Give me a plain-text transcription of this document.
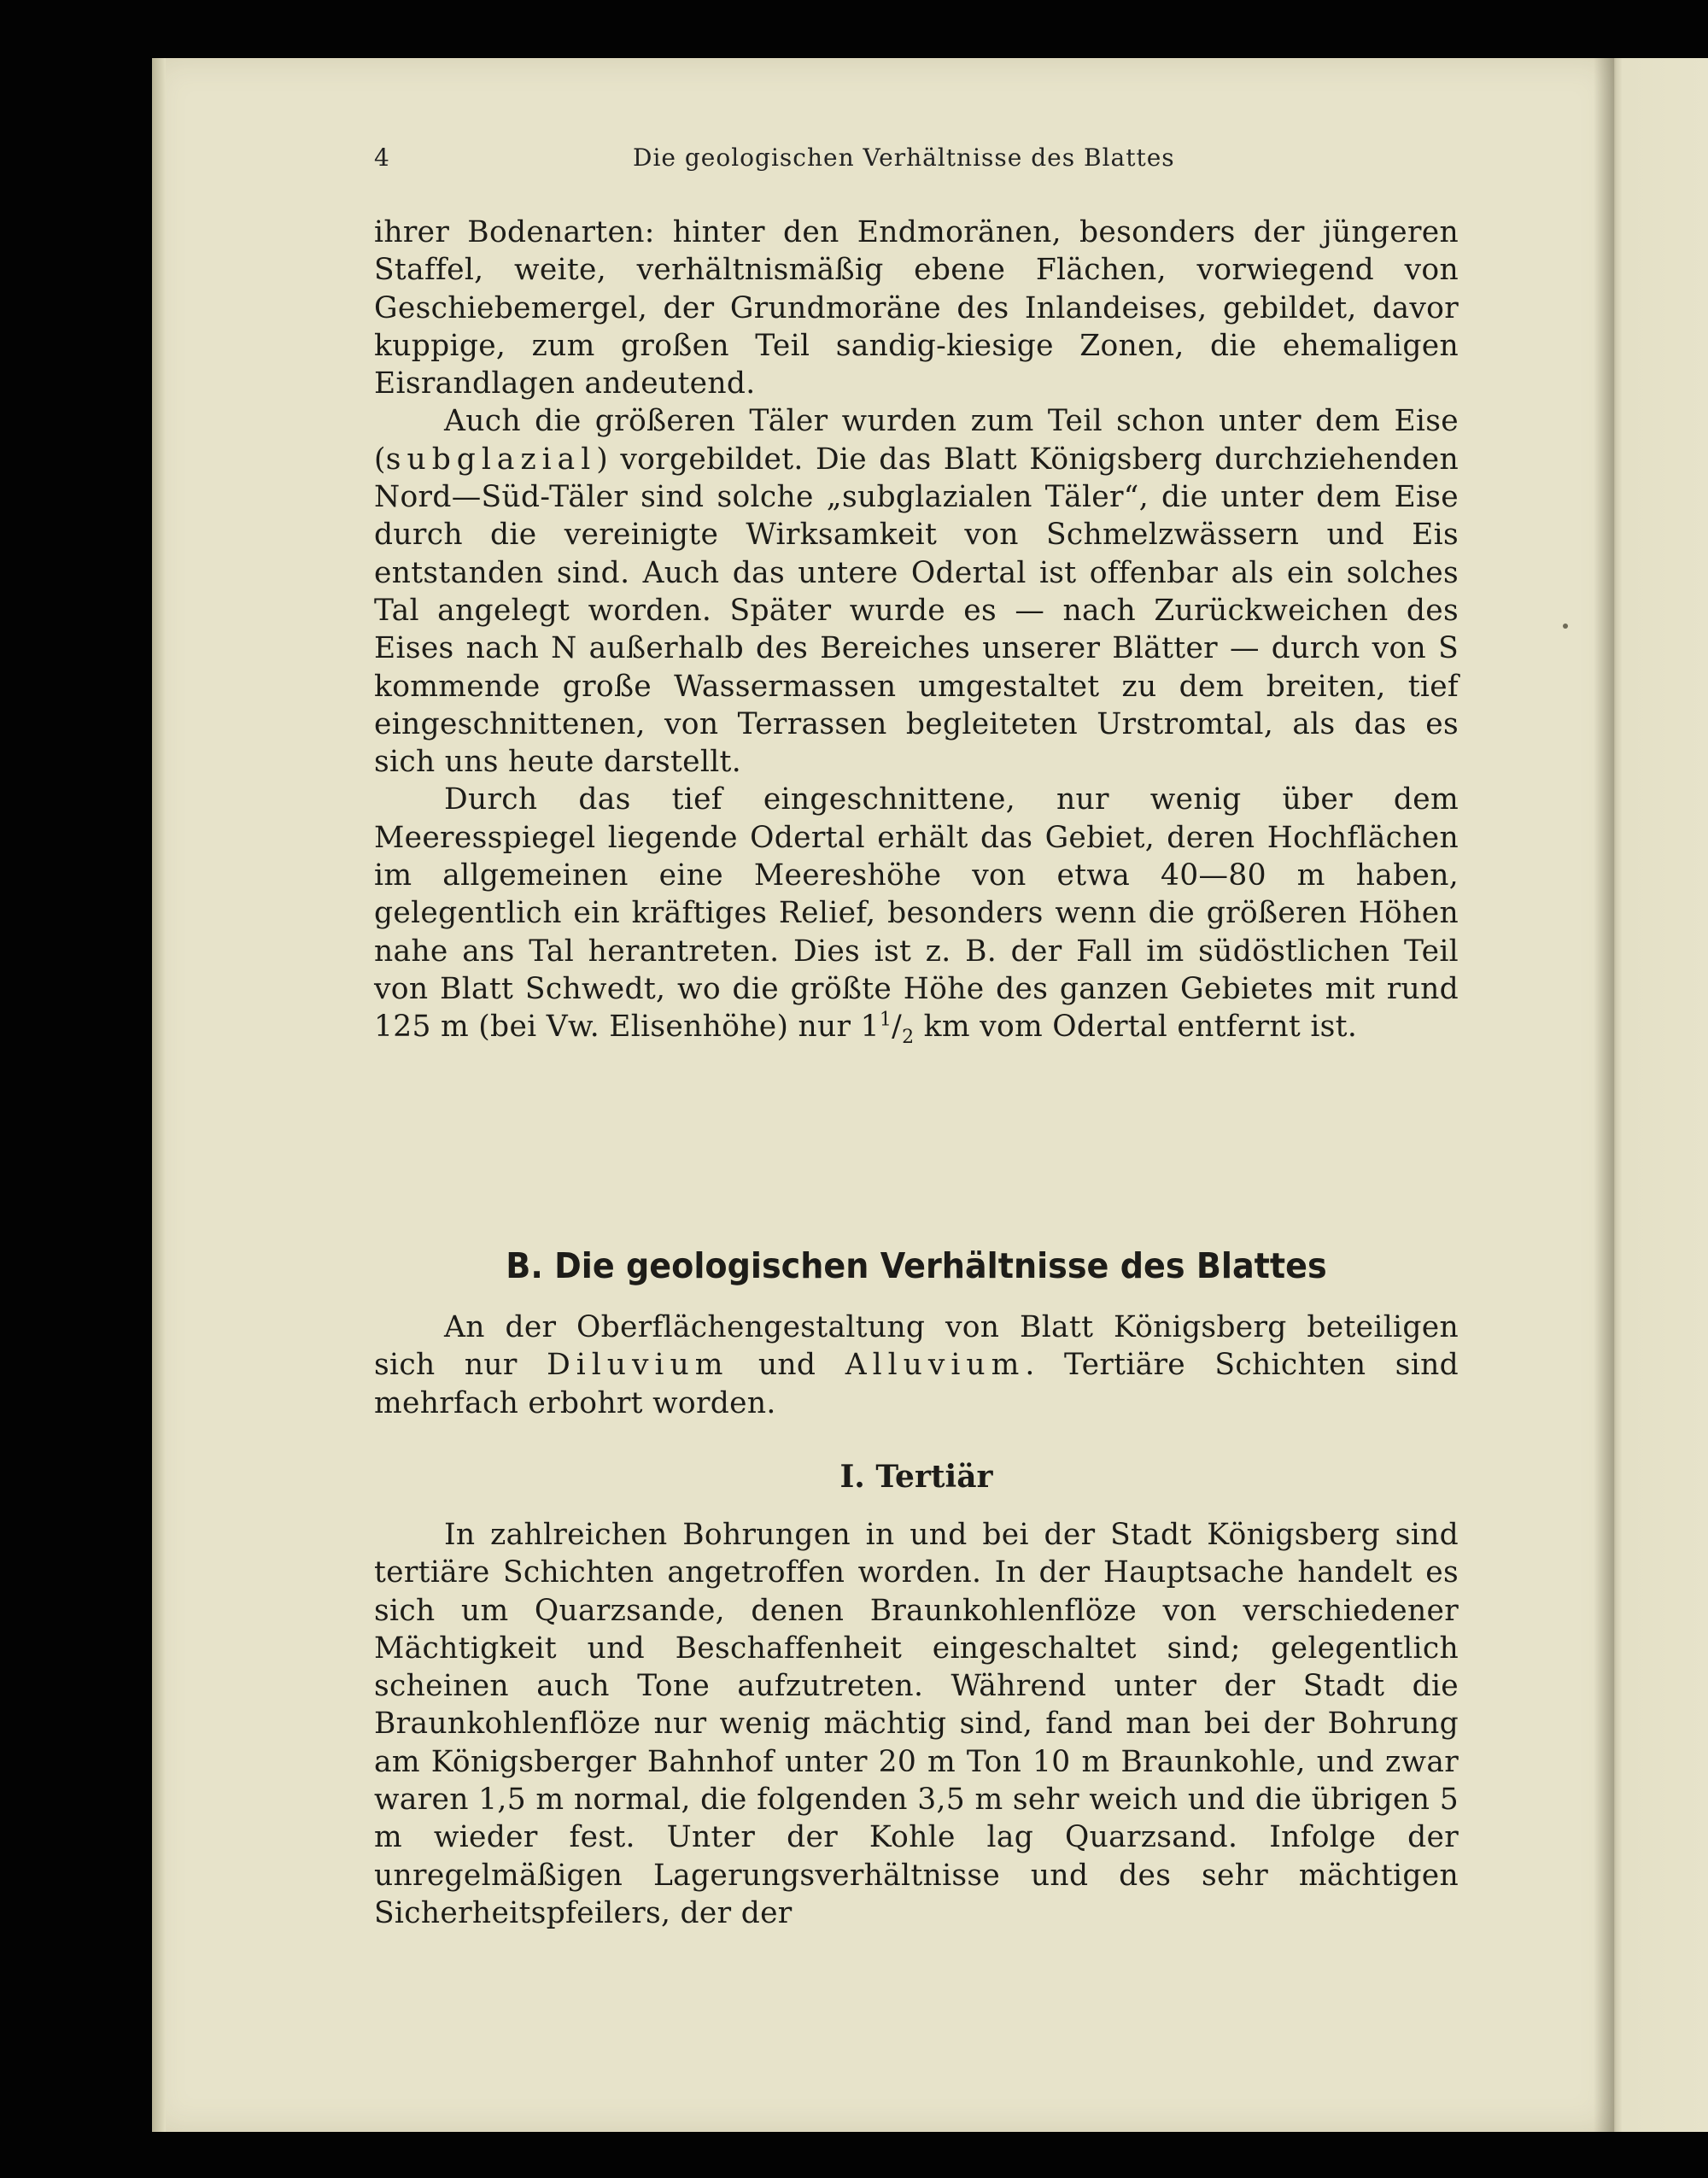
4	Die geologischen Verhältnisse des Blattes

ihrer Bodenarten: hinter den Endmoränen, besonders der jüngeren Staffel, weite, verhältnismäßig ebene Flächen, vorwiegend von Geschiebemergel, der Grundmoräne des Inlandeises, gebildet, davor kuppige, zum großen Teil sandig-kiesige Zonen, die ehemaligen Eisrandlagen andeutend.

Auch die größeren Täler wurden zum Teil schon unter dem Eise (subglazial) vorgebildet. Die das Blatt Königsberg durchziehenden Nord—Süd-Täler sind solche „subglazialen Täler“, die unter dem Eise durch die vereinigte Wirksamkeit von Schmelzwässern und Eis entstanden sind. Auch das untere Odertal ist offenbar als ein solches Tal angelegt worden. Später wurde es — nach Zurückweichen des Eises nach N außerhalb des Bereiches unserer Blätter — durch von S kommende große Wassermassen umgestaltet zu dem breiten, tief eingeschnittenen, von Terrassen begleiteten Urstromtal, als das es sich uns heute darstellt.

Durch das tief eingeschnittene, nur wenig über dem Meeresspiegel liegende Odertal erhält das Gebiet, deren Hochflächen im allgemeinen eine Meereshöhe von etwa 40—80 m haben, gelegentlich ein kräftiges Relief, besonders wenn die größeren Höhen nahe ans Tal herantreten. Dies ist z. B. der Fall im südöstlichen Teil von Blatt Schwedt, wo die größte Höhe des ganzen Gebietes mit rund 125 m (bei Vw. Elisenhöhe) nur $1^1/_2$ km vom Odertal entfernt ist.

B. Die geologischen Verhältnisse des Blattes

An der Oberflächengestaltung von Blatt Königsberg beteiligen sich nur Diluvium und Alluvium. Tertiäre Schichten sind mehrfach erbohrt worden.

I. Tertiär

In zahlreichen Bohrungen in und bei der Stadt Königsberg sind tertiäre Schichten angetroffen worden. In der Hauptsache handelt es sich um Quarzsande, denen Braunkohlenflöze von verschiedener Mächtigkeit und Beschaffenheit eingeschaltet sind; gelegentlich scheinen auch Tone aufzutreten. Während unter der Stadt die Braunkohlenflöze nur wenig mächtig sind, fand man bei der Bohrung am Königsberger Bahnhof unter 20 m Ton 10 m Braunkohle, und zwar waren 1,5 m normal, die folgenden 3,5 m sehr weich und die übrigen 5 m wieder fest. Unter der Kohle lag Quarzsand. Infolge der unregelmäßigen Lagerungsverhältnisse und des sehr mächtigen Sicherheitspfeilers, der der
